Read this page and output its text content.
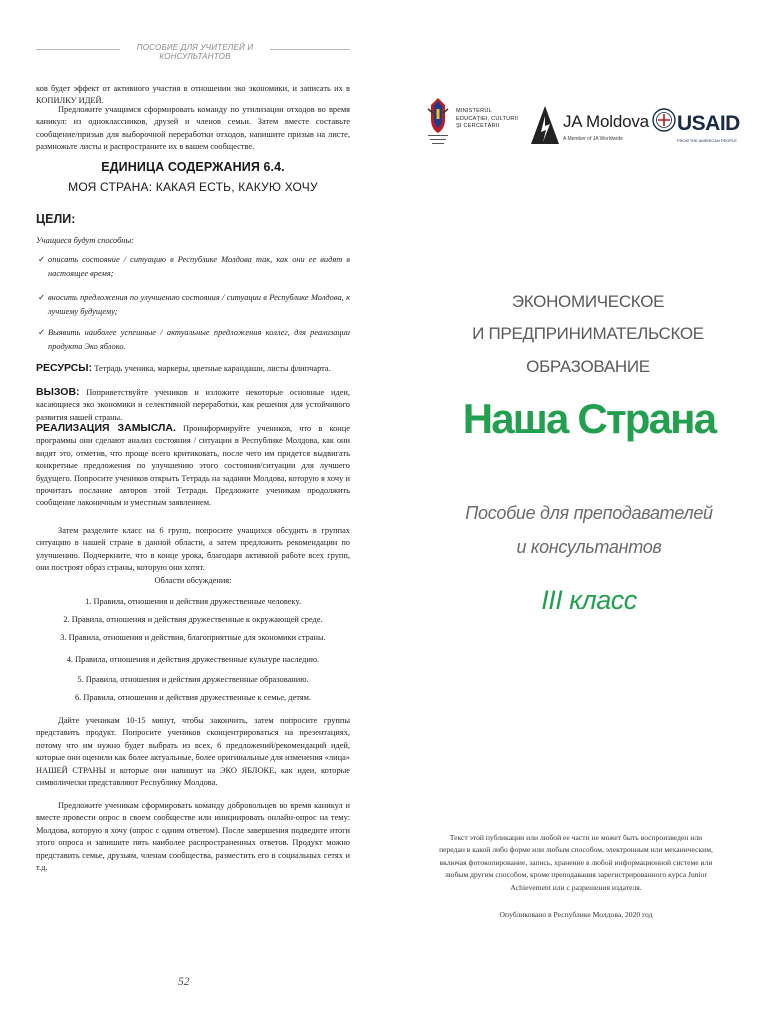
ПОСОБИЕ ДЛЯ УЧИТЕЛЕЙ И КОНСУЛЬТАНТОВ
ков будет эффект от активного участия в отношении эко экономики, и записать их в КОПИЛКУ ИДЕЙ.
Предложите учащимся сформировать команду по утилизации отходов во время каникул: из одноклассников, друзей и членов семьи. Затем вместе составьте сообщение/призыв для выборочной переработки отходов, напишите призыв на листе, размножьте листы и распространите их в вашем сообществе.
ЕДИНИЦА СОДЕРЖАНИЯ 6.4.
МОЯ СТРАНА: КАКАЯ ЕСТЬ, КАКУЮ ХОЧУ
ЦЕЛИ:
Учащиеся будут способны:
✓ описать состояние / ситуацию в Республике Молдова так, как они ее видят в настоящее время;
✓ вносить предложения по улучшению состояния / ситуации в Республике Молдова, к лучшему будущему;
✓ Выявить наиболее успешные / актуальные предложения коллег, для реализации продукта Эко яблоко.
РЕСУРСЫ: Тетрадь ученика, маркеры, цветные карандаши, листы флипчарта.
ВЫЗОВ: Поприветствуйте учеников и изложите некоторые основные идеи, касающиеся эко экономики и селективной переработки, как решения для устойчивого развития нашей страны.
РЕАЛИЗАЦИЯ ЗАМЫСЛА. Проинформируйте учеников, что в конце программы они сделают анализ состояния / ситуации в Республике Молдова, как они видят это, отметив, что проще всего критиковать, после чего им придется выдвигать конкретные предложения по улучшению этого состояния/ситуации для лучшего будущего. Попросите учеников открыть Тетрадь на задании Молдова, которую я хочу и прочитать послание авторов этой Тетради. Предложите ученикам продолжить сообщение лаконичным и уместным заявлением.
Затем разделите класс на 6 групп, попросите учащихся обсудить в группах ситуацию в нашей стране в данной области, а затем предложить рекомендации по улучшению. Подчеркните, что в конце урока, благодаря активной работе всех групп, они построят образ страны, которую они хотят.
Области обсуждения:
1. Правила, отношения и действия дружественные человеку.
2. Правила, отношения и действия дружественные к окружающей среде.
3. Правила, отношения и действия, благоприятные для экономики страны.
4. Правила, отношения и действия дружественные культуре наследию.
5. Правила, отношения и действия дружественные образованию.
6. Правила, отношения и действия дружественные к семье, детям.
Дайте ученикам 10-15 минут, чтобы закончить, затем попросите группы представить продукт. Попросите учеников сконцентрироваться на презентациях, потому что им нужно будет выбрать из всех, 6 предложений/рекомендаций идей, которые они оценили как более актуальные, более оригинальные для изменения «лица» НАШЕЙ СТРАНЫ и которые они напишут на ЭКО ЯБЛОКЕ, как идеи, которые символически представляют Республику Молдова.
Предложите ученикам сформировать команду добровольцев во время каникул и вместе провести опрос в своем сообществе или инициировать онлайн-опрос на тему: Молдова, которую я хочу (опрос с одним ответом). После завершения подведите итоги этого опроса и запишите пять наиболее распространенных ответов. Продукт можно представить семье, друзьям, членам сообщества, разместить его в социальных сетях и т.д.
52
MINISTERUL
EDUCAŢIEI, CULTURII
ŞI CERCETĂRII	JA Moldova
A Member of JA Worldwide
USAID
FROM THE AMERICAN PEOPLE
ЭКОНОМИЧЕСКОЕ
И ПРЕДПРИНИМАТЕЛЬСКОЕ
ОБРАЗОВАНИЕ
Наша Страна
Пособие для преподавателей
и консультантов
III класс
Текст этой публикации или любой ее части не может быть воспроизведен или передан в какой либо форме или любым способом, электронным или механическим, включая фотокопирование, запись, хранение в любой информационной системе или любым другим способом, кроме преподавания зарегистрированного курса Junior Achievement или с разрешения издателя.
Опубликовано в Республике Молдова, 2020 год
